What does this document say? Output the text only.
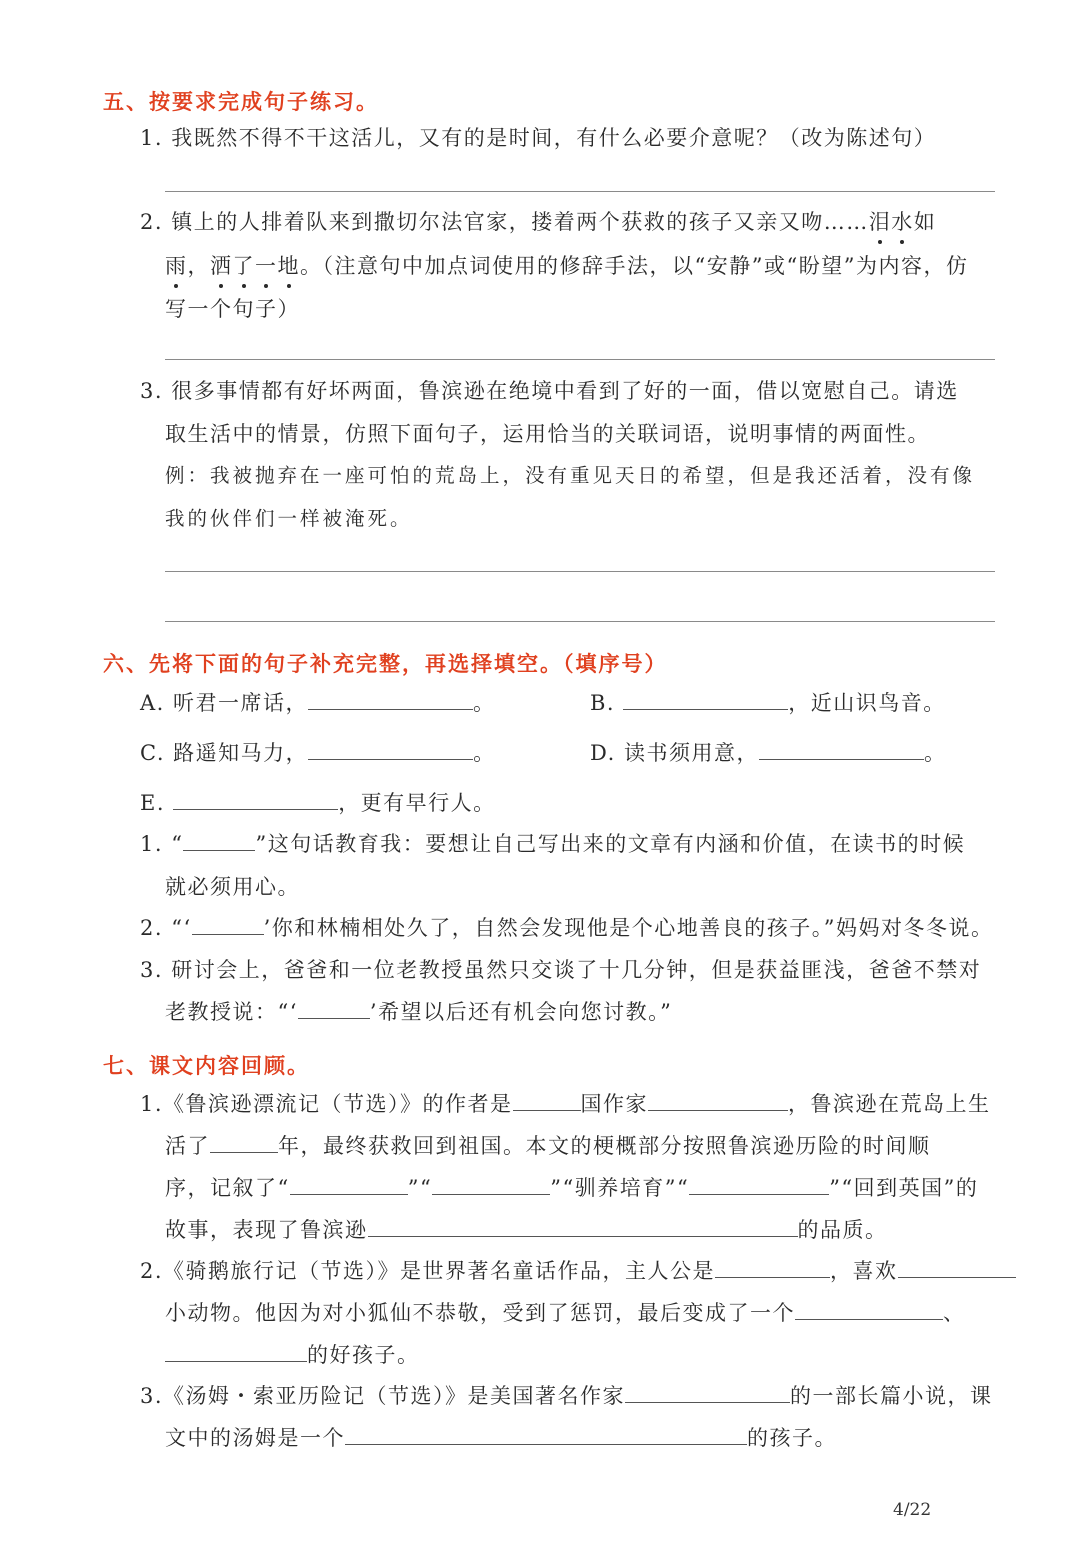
五、按要求完成句子练习。
1. 我既然不得不干这活儿，又有的是时间，有什么必要介意呢？（改为陈述句）
2. 镇上的人排着队来到撒切尔法官家，搂着两个获救的孩子又亲又吻……泪水如
雨，洒了一地。（注意句中加点词使用的修辞手法，以“安静”或“盼望”为内容，仿
写一个句子）
3. 很多事情都有好坏两面，鲁滨逊在绝境中看到了好的一面，借以宽慰自己。请选
取生活中的情景，仿照下面句子，运用恰当的关联词语，说明事情的两面性。
例：我被抛弃在一座可怕的荒岛上，没有重见天日的希望，但是我还活着，没有像
我的伙伴们一样被淹死。
六、先将下面的句子补充完整，再选择填空。（填序号）
A. 听君一席话，	。	B.	，近山识鸟音。
C. 路遥知马力，	。	D. 读书须用意，	。
E.	，更有早行人。
1. “	”这句话教育我：要想让自己写出来的文章有内涵和价值，在读书的时候
就必须用心。
2. “‘	’你和林楠相处久了，自然会发现他是个心地善良的孩子。”妈妈对冬冬说。
3. 研讨会上，爸爸和一位老教授虽然只交谈了十几分钟，但是获益匪浅，爸爸不禁对
老教授说：“‘	’希望以后还有机会向您讨教。”
七、课文内容回顾。
1.《鲁滨逊漂流记（节选）》的作者是	国作家	，鲁滨逊在荒岛上生
活了	年，最终获救回到祖国。本文的梗概部分按照鲁滨逊历险的时间顺
序，记叙了“	”“	”“驯养培育”“	”“回到英国”的
故事，表现了鲁滨逊	的品质。
2.《骑鹅旅行记（节选）》是世界著名童话作品，主人公是	，喜欢
小动物。他因为对小狐仙不恭敬，受到了惩罚，最后变成了一个	、
的好孩子。
3.《汤姆・索亚历险记（节选）》是美国著名作家	的一部长篇小说，课
文中的汤姆是一个	的孩子。
4/22
